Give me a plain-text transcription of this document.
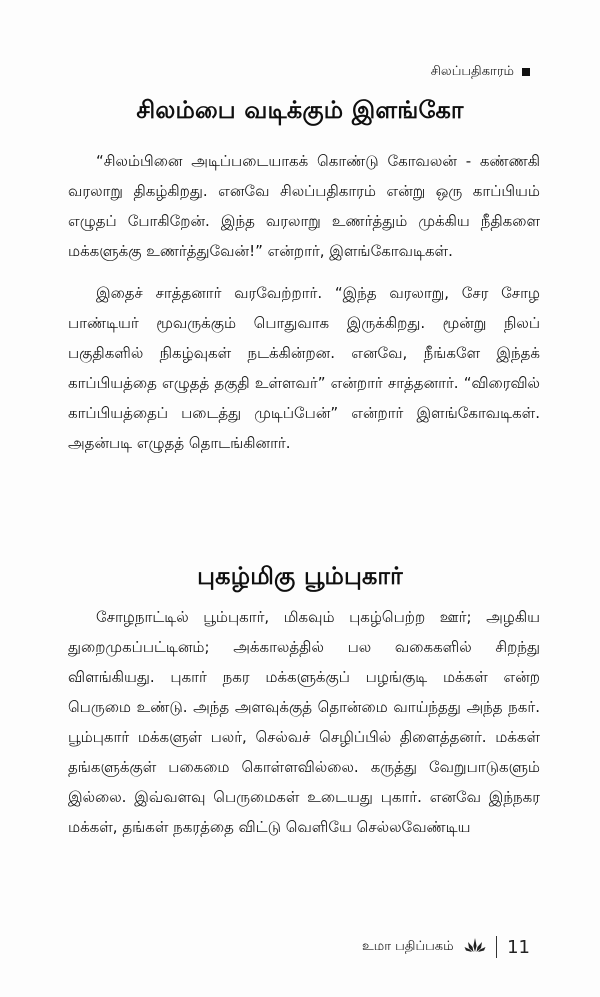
சிலப்பதிகாரம்
சிலம்பை வடிக்கும் இளங்கோ

“சிலம்பினை அடிப்படையாகக் கொண்டு கோவலன் - கண்ணகி வரலாறு திகழ்கிறது. எனவே சிலப்பதிகாரம் என்று ஒரு காப்பியம் எழுதப் போகிறேன். இந்த வரலாறு உணர்த்தும் முக்கிய நீதிகளை மக்களுக்கு உணர்த்துவேன்!” என்றார், இளங்கோவடிகள்.

இதைச் சாத்தனார் வரவேற்றார். “இந்த வரலாறு, சேர சோழ பாண்டியர் மூவருக்கும் பொதுவாக இருக்கிறது. மூன்று நிலப் பகுதிகளில் நிகழ்வுகள் நடக்கின்றன. எனவே, நீங்களே இந்தக் காப்பியத்தை எழுதத் தகுதி உள்ளவர்” என்றார் சாத்தனார். “விரைவில் காப்பியத்தைப் படைத்து முடிப்பேன்” என்றார் இளங்கோவடிகள். அதன்படி எழுதத் தொடங்கினார்.

புகழ்மிகு பூம்புகார்

சோழநாட்டில் பூம்புகார், மிகவும் புகழ்பெற்ற ஊர்; அழகிய துறைமுகப்பட்டினம்; அக்காலத்தில் பல வகைகளில் சிறந்து விளங்கியது. புகார் நகர மக்களுக்குப் பழங்குடி மக்கள் என்ற பெருமை உண்டு. அந்த அளவுக்குத் தொன்மை வாய்ந்தது அந்த நகர். பூம்புகார் மக்களுள் பலர், செல்வச் செழிப்பில் திளைத்தனர். மக்கள் தங்களுக்குள் பகைமை கொள்ளவில்லை. கருத்து வேறுபாடுகளும் இல்லை. இவ்வளவு பெருமைகள் உடையது புகார். எனவே இந்நகர மக்கள், தங்கள் நகரத்தை விட்டு வெளியே செல்லவேண்டிய

உமா பதிப்பகம்	11
